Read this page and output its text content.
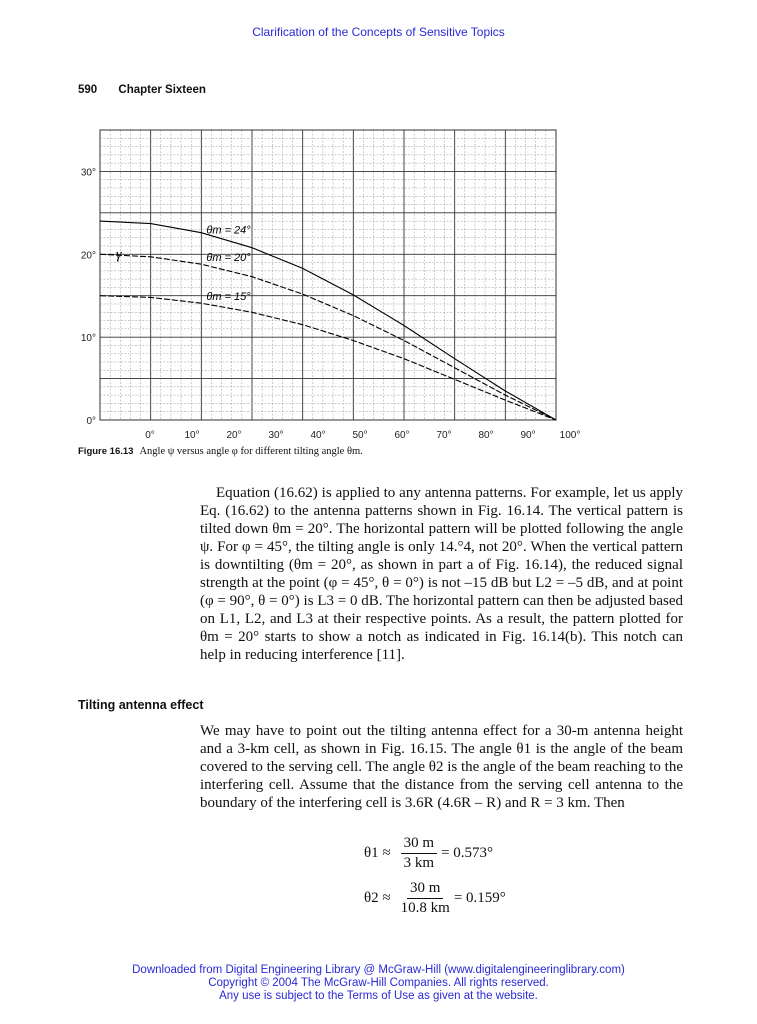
Clarification of the Concepts of Sensitive Topics
590 Chapter Sixteen
θm = 24°
θm = 20°
θm = 15°
0°
10°
20°
30°
γ
0°	10°	20°	30°	40°	50°	60°	70°	80°	90° 100°
Figure 16.13 Angle ψ versus angle φ for different tilting angle θm.
Equation (16.62) is applied to any antenna patterns. For example, let us apply Eq. (16.62) to the antenna patterns shown in Fig. 16.14. The vertical pattern is tilted down θm = 20°. The horizontal pattern will be plotted following the angle ψ. For φ = 45°, the tilting angle is only 14.°4, not 20°. When the vertical pattern is downtilting (θm = 20°, as shown in part a of Fig. 16.14), the reduced signal strength at the point (φ = 45°, θ = 0°) is not –15 dB but L2 = –5 dB, and at point (φ = 90°, θ = 0°) is L3 = 0 dB. The horizontal pattern can then be adjusted based on L1, L2, and L3 at their respective points. As a result, the pattern plotted for θm = 20° starts to show a notch as indicated in Fig. 16.14(b). This notch can help in reducing interference [11].
Tilting antenna effect
We may have to point out the tilting antenna effect for a 30-m antenna height and a 3-km cell, as shown in Fig. 16.15. The angle θ1 is the angle of the beam covered to the serving cell. The angle θ2 is the angle of the beam reaching to the interfering cell. Assume that the distance from the serving cell antenna to the boundary of the interfering cell is 3.6R (4.6R – R) and R = 3 km. Then
$\theta 1 \approx \frac{30 m}{3 km} = 0.573^\circ$
$\theta 2 \approx \frac{30 m}{10.8 km} = 0.159^\circ$
Downloaded from Digital Engineering Library @ McGraw-Hill (www.digitalengineeringlibrary.com)
Copyright © 2004 The McGraw-Hill Companies. All rights reserved.
Any use is subject to the Terms of Use as given at the website.
